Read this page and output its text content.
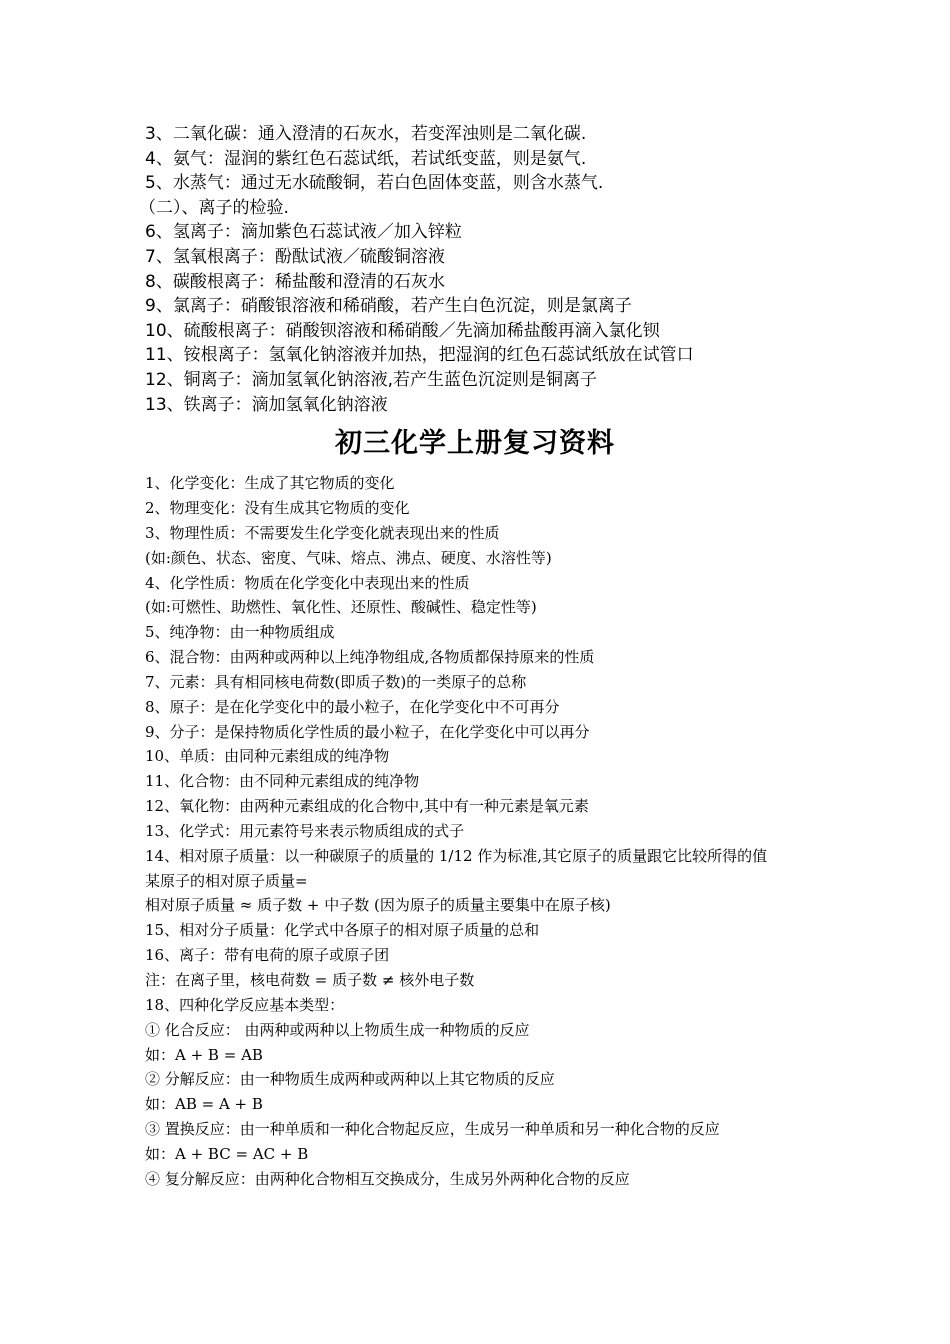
3、二氧化碳：通入澄清的石灰水，若变浑浊则是二氧化碳.
4、氨气：湿润的紫红色石蕊试纸，若试纸变蓝，则是氨气.
5、水蒸气：通过无水硫酸铜，若白色固体变蓝，则含水蒸气.
（二）、离子的检验.
6、氢离子：滴加紫色石蕊试液／加入锌粒
7、氢氧根离子：酚酞试液／硫酸铜溶液
8、碳酸根离子：稀盐酸和澄清的石灰水
9、氯离子：硝酸银溶液和稀硝酸，若产生白色沉淀，则是氯离子
10、硫酸根离子：硝酸钡溶液和稀硝酸／先滴加稀盐酸再滴入氯化钡
11、铵根离子：氢氧化钠溶液并加热，把湿润的红色石蕊试纸放在试管口
12、铜离子：滴加氢氧化钠溶液,若产生蓝色沉淀则是铜离子
13、铁离子：滴加氢氧化钠溶液
初三化学上册复习资料
1、化学变化：生成了其它物质的变化
2、物理变化：没有生成其它物质的变化
3、物理性质：不需要发生化学变化就表现出来的性质
(如:颜色、状态、密度、气味、熔点、沸点、硬度、水溶性等)
4、化学性质：物质在化学变化中表现出来的性质
(如:可燃性、助燃性、氧化性、还原性、酸碱性、稳定性等)
5、纯净物：由一种物质组成
6、混合物：由两种或两种以上纯净物组成,各物质都保持原来的性质
7、元素：具有相同核电荷数(即质子数)的一类原子的总称
8、原子：是在化学变化中的最小粒子，在化学变化中不可再分
9、分子：是保持物质化学性质的最小粒子，在化学变化中可以再分
10、单质：由同种元素组成的纯净物
11、化合物：由不同种元素组成的纯净物
12、氧化物：由两种元素组成的化合物中,其中有一种元素是氧元素
13、化学式：用元素符号来表示物质组成的式子
14、相对原子质量：以一种碳原子的质量的 1/12 作为标准,其它原子的质量跟它比较所得的值
某原子的相对原子质量=
相对原子质量 ≈ 质子数 + 中子数 (因为原子的质量主要集中在原子核)
15、相对分子质量：化学式中各原子的相对原子质量的总和
16、离子：带有电荷的原子或原子团
注：在离子里，核电荷数 = 质子数 ≠ 核外电子数
18、四种化学反应基本类型：
① 化合反应： 由两种或两种以上物质生成一种物质的反应
如：A + B = AB
② 分解反应：由一种物质生成两种或两种以上其它物质的反应
如：AB = A + B
③ 置换反应：由一种单质和一种化合物起反应，生成另一种单质和另一种化合物的反应
如：A + BC = AC + B
④ 复分解反应：由两种化合物相互交换成分，生成另外两种化合物的反应
